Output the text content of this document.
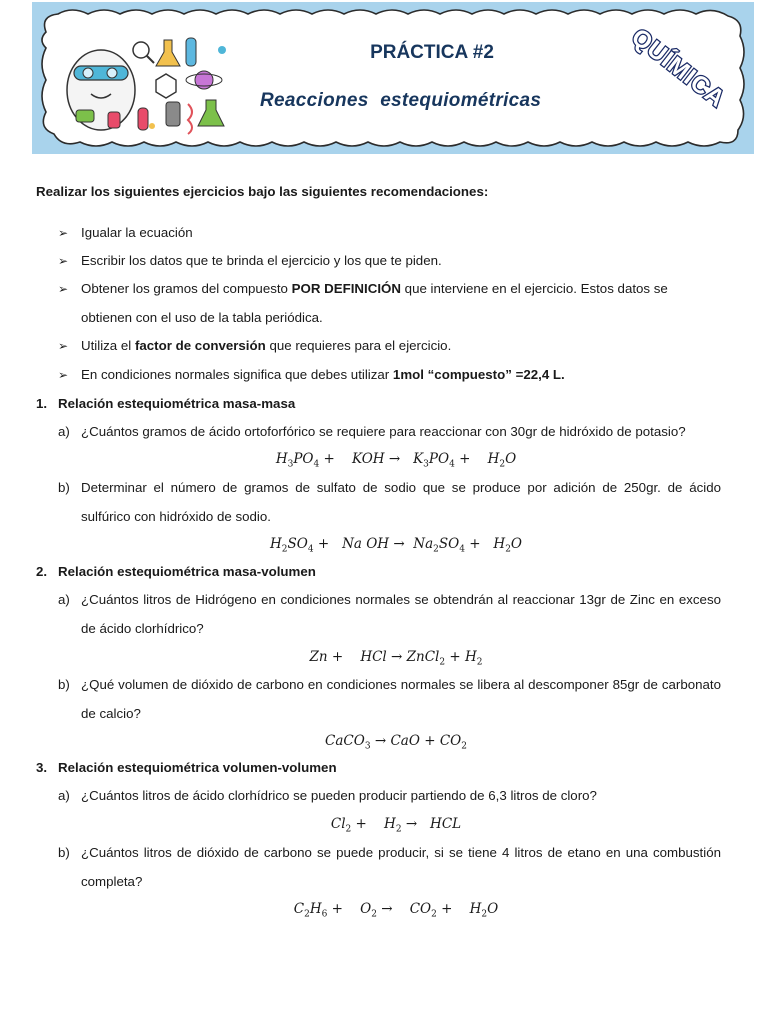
PRÁCTICA #2
Reacciones estequiométricas	QUÍMICA
Realizar los siguientes ejercicios bajo las siguientes recomendaciones:
➢ Igualar la ecuación
➢ Escribir los datos que te brinda el ejercicio y los que te piden.
➢ Obtener los gramos del compuesto POR DEFINICIÓN que interviene en el ejercicio. Estos datos se obtienen con el uso de la tabla periódica.
➢ Utiliza el factor de conversión que requieres para el ejercicio.
➢ En condiciones normales significa que debes utilizar 1mol “compuesto” =22,4 L.
1. Relación estequiométrica masa-masa
a) ¿Cuántos gramos de ácido ortoforfórico se requiere para reaccionar con 30gr de hidróxido de potasio?
$H_3PO_4$ +    KOH →   $K_3PO_4$ +    $H_2O$
b) Determinar el número de gramos de sulfato de sodio que se produce por adición de 250gr. de ácido sulfúrico con hidróxido de sodio.
$H_2SO_4 + Na$ OH →  $Na_2SO_4 + H_2O$
2. Relación estequiométrica masa-volumen
a) ¿Cuántos litros de Hidrógeno en condiciones normales se obtendrán al reaccionar 13gr de Zinc en exceso de ácido clorhídrico?
Zn +    HCl → ZnCl$_2$ + $H_2$
b) ¿Qué volumen de dióxido de carbono en condiciones normales se libera al descomponer 85gr de carbonato de calcio?
CaCO$_3$ → CaO + $CO_2$
3. Relación estequiométrica volumen-volumen
a) ¿Cuántos litros de ácido clorhídrico se pueden producir partiendo de 6,3 litros de cloro?
$Cl_2$ +    $H_2$ →   HCL
b) ¿Cuántos litros de dióxido de carbono se puede producir, si se tiene 4 litros de etano en una combustión completa?
$C_2H_6$ +    $O_2$ →    $CO_2$ +    $H_2O$
